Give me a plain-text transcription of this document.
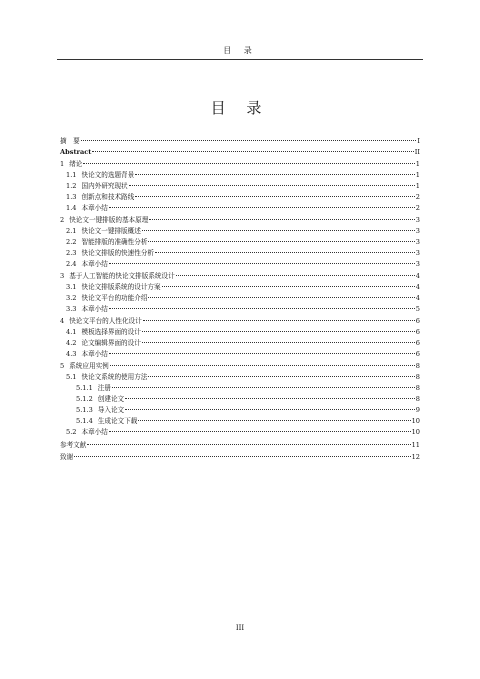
目 录
目 录
摘　要	I
Abstract	II
1 绪论	1
1.1 快论文的选题背景	1
1.2 国内外研究现状	1
1.3 创新点和技术路线	2
1.4 本章小结	2
2 快论文一键排版的基本原理	3
2.1 快论文一键排版概述	3
2.2 智能排版的准确性分析	3
2.3 快论文排版的快速性分析	3
2.4 本章小结	3
3 基于人工智能的快论文排版系统设计	4
3.1 快论文排版系统的设计方案	4
3.2 快论文平台的功能介绍	4
3.3 本章小结	5
4 快论文平台的人性化设计	6
4.1 模板选择界面的设计	6
4.2 论文编辑界面的设计	6
4.3 本章小结	6
5 系统应用实例	8
5.1 快论文系统的使用方法	8
5.1.1 注册	8
5.1.2 创建论文	8
5.1.3 导入论文	9
5.1.4 生成论文下载	10
5.2 本章小结	10
参考文献	11
致谢	12
III
